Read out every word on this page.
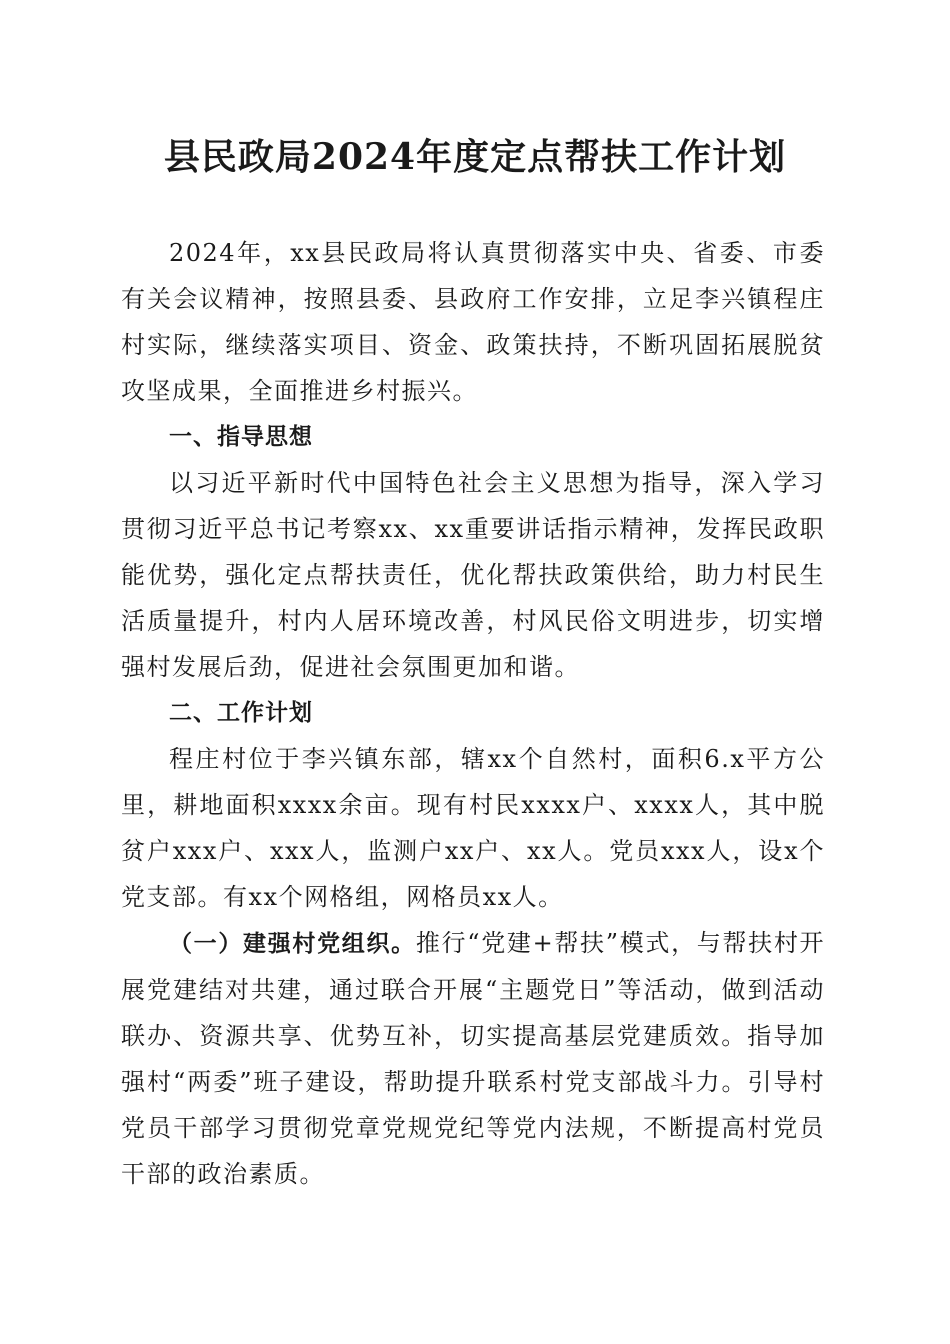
县民政局2024年度定点帮扶工作计划

2024年，xx县民政局将认真贯彻落实中央、省委、市委有关会议精神，按照县委、县政府工作安排，立足李兴镇程庄村实际，继续落实项目、资金、政策扶持，不断巩固拓展脱贫攻坚成果，全面推进乡村振兴。

一、指导思想

以习近平新时代中国特色社会主义思想为指导，深入学习贯彻习近平总书记考察xx、xx重要讲话指示精神，发挥民政职能优势，强化定点帮扶责任，优化帮扶政策供给，助力村民生活质量提升，村内人居环境改善，村风民俗文明进步，切实增强村发展后劲，促进社会氛围更加和谐。

二、工作计划

程庄村位于李兴镇东部，辖xx个自然村，面积6.x平方公里，耕地面积xxxx余亩。现有村民xxxx户、xxxx人，其中脱贫户xxx户、xxx人，监测户xx户、xx人。党员xxx人，设x个党支部。有xx个网格组，网格员xx人。

（一）建强村党组织。推行“党建+帮扶”模式，与帮扶村开展党建结对共建，通过联合开展“主题党日”等活动，做到活动联办、资源共享、优势互补，切实提高基层党建质效。指导加强村“两委”班子建设，帮助提升联系村党支部战斗力。引导村党员干部学习贯彻党章党规党纪等党内法规，不断提高村党员干部的政治素质。
